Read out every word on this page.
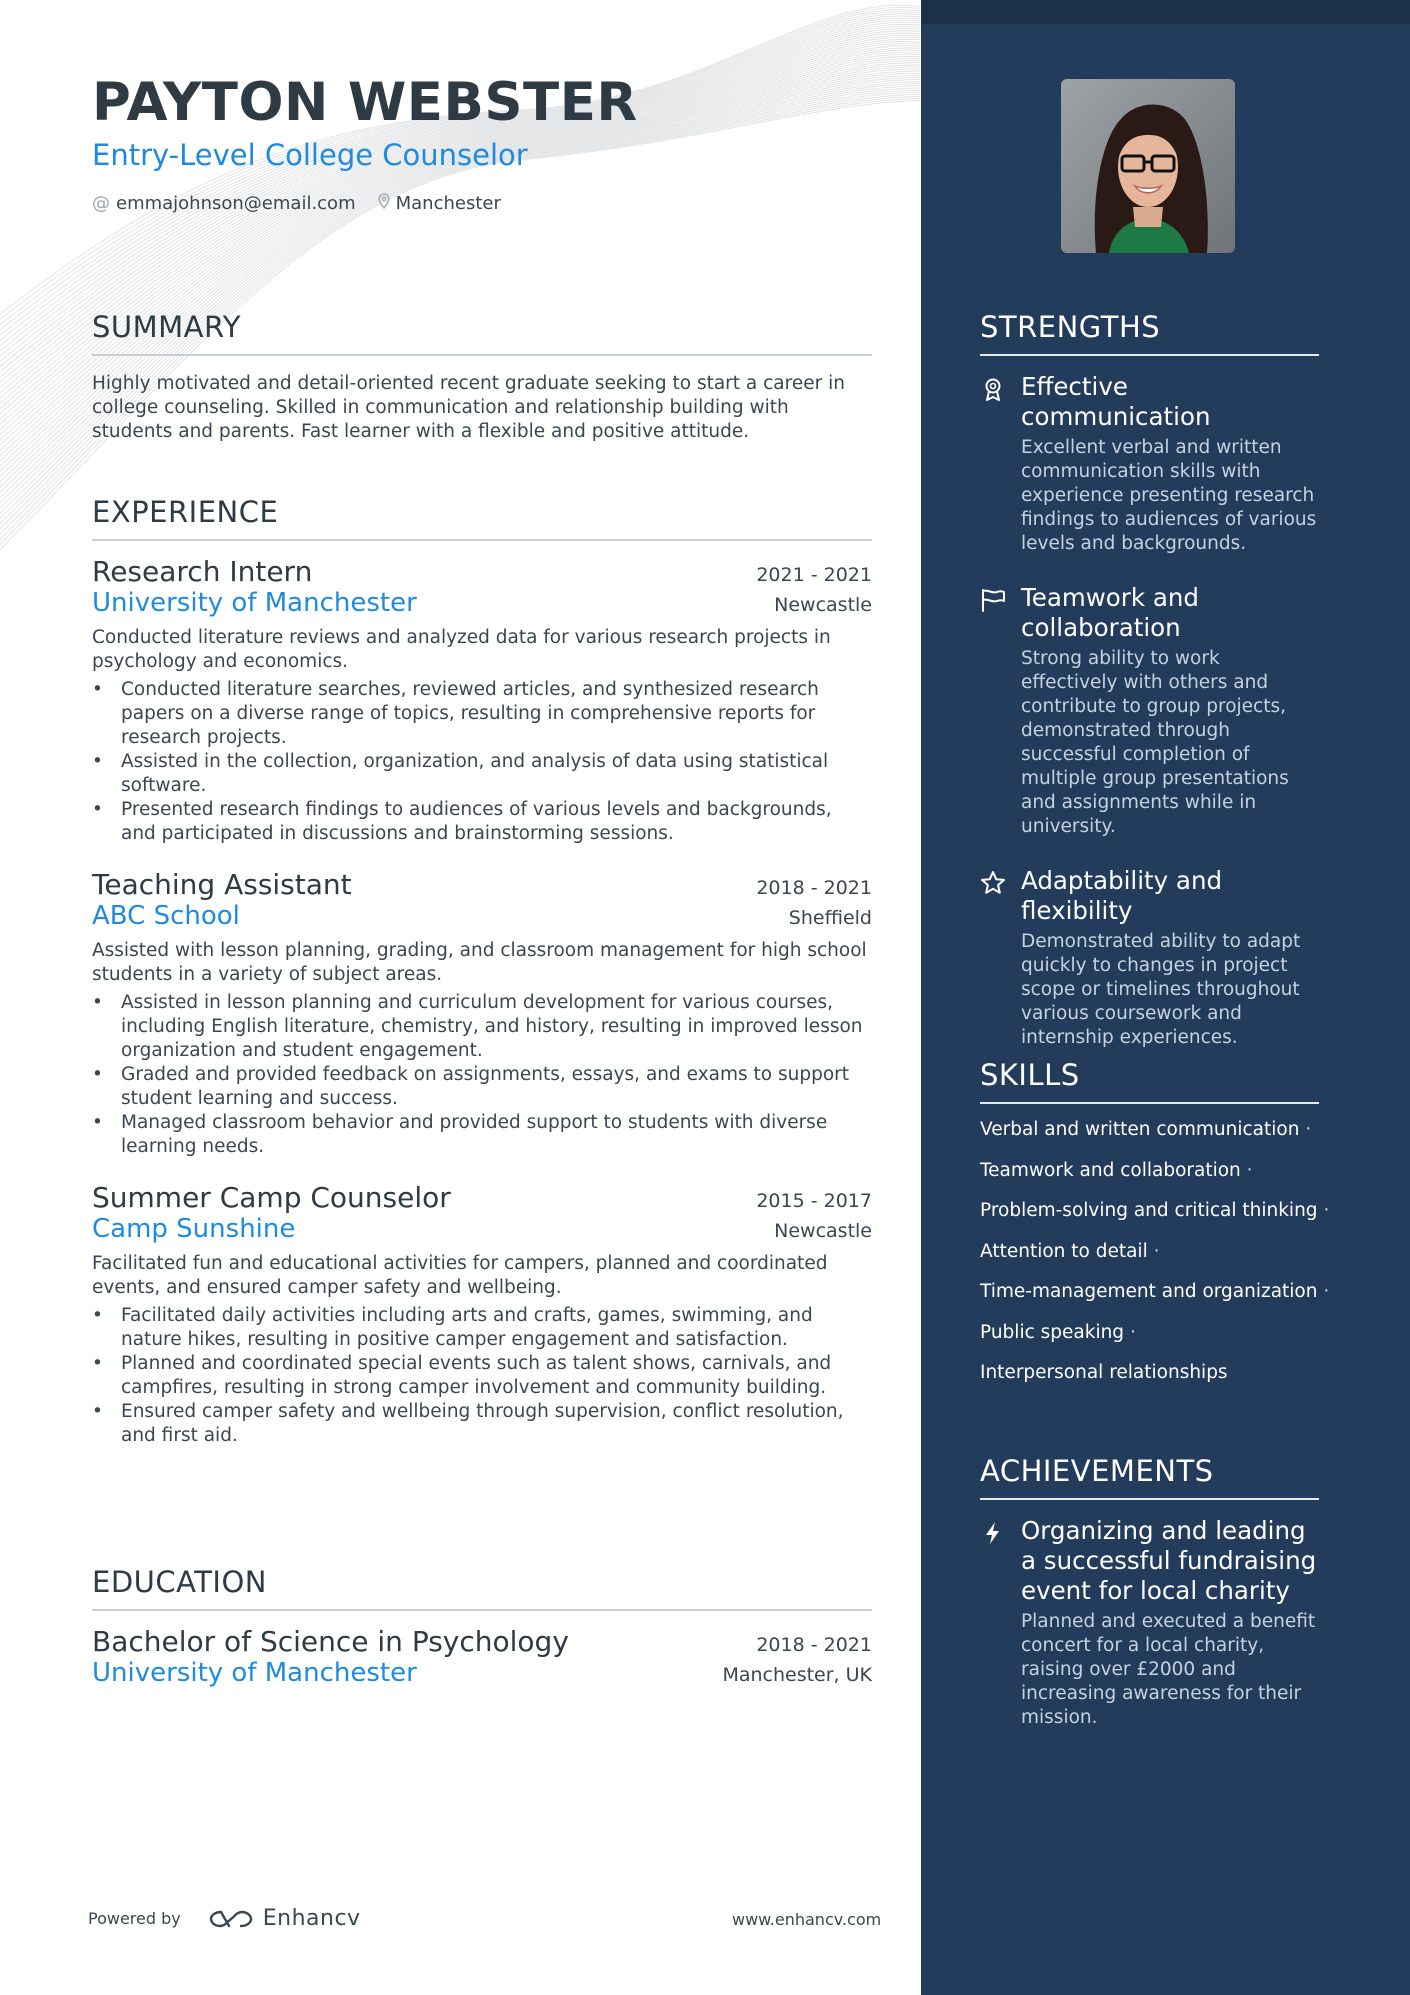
PAYTON WEBSTER
Entry-Level College Counselor
@ emmajohnson@email.com Manchester
SUMMARY
Highly motivated and detail-oriented recent graduate seeking to start a career in college counseling. Skilled in communication and relationship building with students and parents. Fast learner with a flexible and positive attitude.
EXPERIENCE
Research Intern	2021 - 2021
University of Manchester	Newcastle
Conducted literature reviews and analyzed data for various research projects in psychology and economics.
• Conducted literature searches, reviewed articles, and synthesized research papers on a diverse range of topics, resulting in comprehensive reports for research projects.
• Assisted in the collection, organization, and analysis of data using statistical software.
• Presented research findings to audiences of various levels and backgrounds, and participated in discussions and brainstorming sessions.
Teaching Assistant	2018 - 2021
ABC School	Sheffield
Assisted with lesson planning, grading, and classroom management for high school students in a variety of subject areas.
• Assisted in lesson planning and curriculum development for various courses, including English literature, chemistry, and history, resulting in improved lesson organization and student engagement.
• Graded and provided feedback on assignments, essays, and exams to support student learning and success.
• Managed classroom behavior and provided support to students with diverse learning needs.
Summer Camp Counselor	2015 - 2017
Camp Sunshine	Newcastle
Facilitated fun and educational activities for campers, planned and coordinated events, and ensured camper safety and wellbeing.
• Facilitated daily activities including arts and crafts, games, swimming, and nature hikes, resulting in positive camper engagement and satisfaction.
• Planned and coordinated special events such as talent shows, carnivals, and campfires, resulting in strong camper involvement and community building.
• Ensured camper safety and wellbeing through supervision, conflict resolution, and first aid.
EDUCATION
Bachelor of Science in Psychology	2018 - 2021
University of Manchester	Manchester, UK
Powered by	Enhancv	www.enhancv.com
STRENGTHS
Effective communication
Excellent verbal and written communication skills with experience presenting research findings to audiences of various levels and backgrounds.
Teamwork and collaboration
Strong ability to work effectively with others and contribute to group projects, demonstrated through successful completion of multiple group presentations and assignments while in university.
Adaptability and flexibility
Demonstrated ability to adapt quickly to changes in project scope or timelines throughout various coursework and internship experiences.
SKILLS
Verbal and written communication ·
Teamwork and collaboration ·
Problem-solving and critical thinking ·
Attention to detail ·
Time-management and organization ·
Public speaking ·
Interpersonal relationships
ACHIEVEMENTS
Organizing and leading a successful fundraising event for local charity
Planned and executed a benefit concert for a local charity, raising over £2000 and increasing awareness for their mission.
